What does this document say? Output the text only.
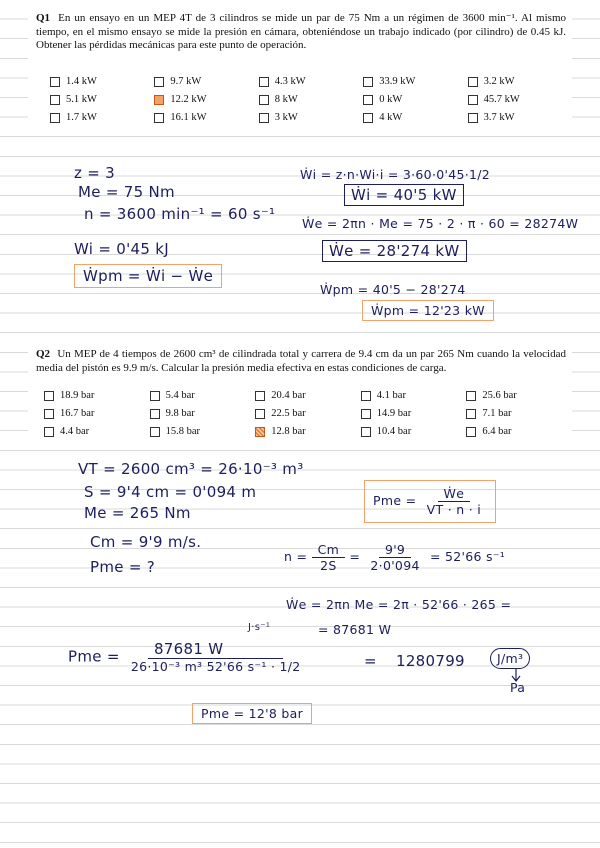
Q1 En un ensayo en un MEP 4T de 3 cilindros se mide un par de 75 Nm a un régimen de 3600 min⁻¹. Al mismo tiempo, en el mismo ensayo se mide la presión en cámara, obteniéndose un trabajo indicado (por cilindro) de 0.45 kJ. Obtener las pérdidas mecánicas para este punto de operación.
1.4 kW	9.7 kW	4.3 kW	33.9 kW	3.2 kW
5.1 kW	12.2 kW	8 kW	0 kW	45.7 kW
1.7 kW	16.1 kW	3 kW	4 kW	3.7 kW
z = 3
Me = 75 Nm
n = 3600 min⁻¹ = 60 s⁻¹
Wi = 0'45 kJ
Ẇpm = Ẇi − Ẇe
Ẇi = z·n·Wi·i = 3·60·0'45·1/2
Ẇi = 40'5 kW
Ẇe = 2πn · Me = 75 · 2 · π · 60 = 28274W
Ẇe = 28'274 kW
Ẇpm = 40'5 − 28'274
Ẇpm = 12'23 kW
Q2 Un MEP de 4 tiempos de 2600 cm³ de cilindrada total y carrera de 9.4 cm da un par 265 Nm cuando la velocidad media del pistón es 9.9 m/s. Calcular la presión media efectiva en estas condiciones de carga.
18.9 bar	5.4 bar	20.4 bar	4.1 bar	25.6 bar
16.7 bar	9.8 bar	22.5 bar	14.9 bar	7.1 bar
4.4 bar	15.8 bar	12.8 bar	10.4 bar	6.4 bar
VT = 2600 cm³ = 26·10⁻³ m³
S = 9'4 cm = 0'094 m
Me = 265 Nm
Cm = 9'9 m/s.
Pme = ?
Pme = $\frac{\text{Ẇe}}{VT \cdot n \cdot i}$
$n = \frac{Cm}{2S} = \frac{9'9}{2\cdot 0'094} = 52'66$ s⁻¹
Ẇe = 2πn Me = 2π · 52'66 · 265 =
= 87681 W
Pme = $\frac{87681 W}{\text{26·10⁻³ m³ 52'66 s⁻¹ · 1/2}}$
J·s⁻¹
= 1280799	J/m³
Pa
Pme = 12'8 bar
